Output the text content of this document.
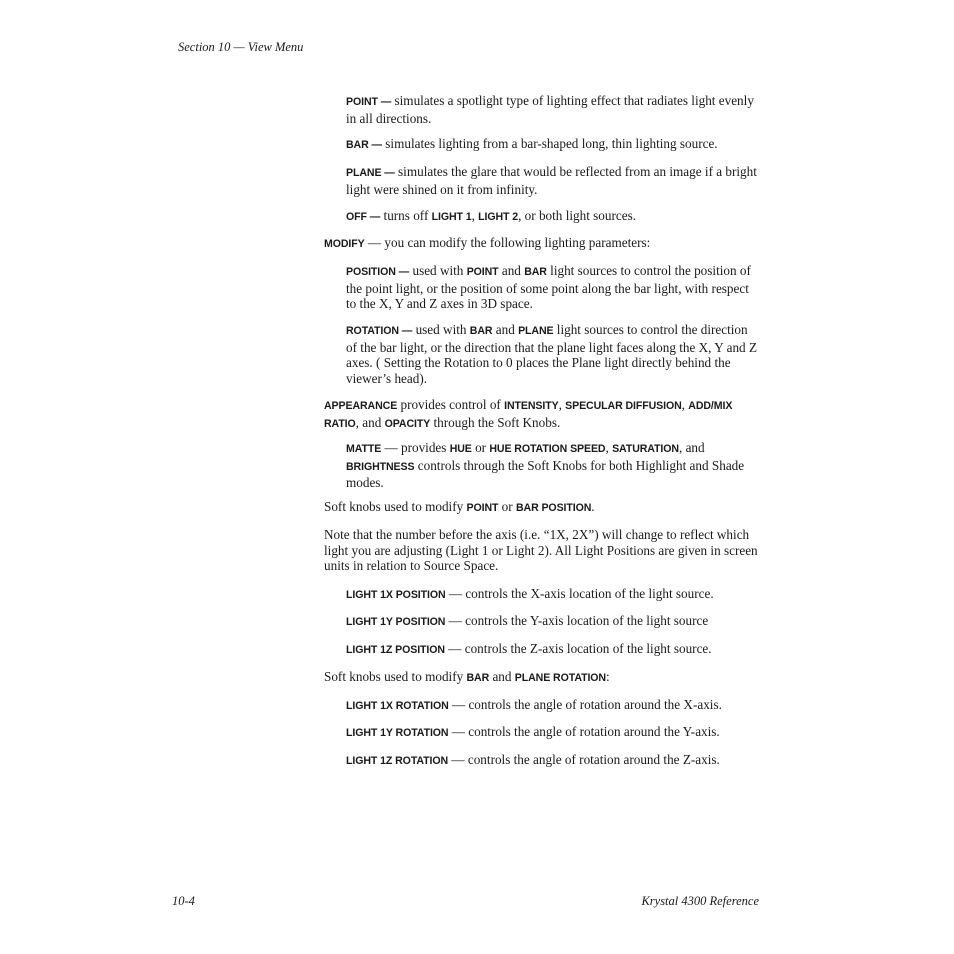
Section 10 — View Menu

POINT — simulates a spotlight type of lighting effect that radiates light evenly in all directions.

BAR — simulates lighting from a bar-shaped long, thin lighting source.

PLANE — simulates the glare that would be reflected from an image if a bright light were shined on it from infinity.

OFF — turns off LIGHT 1, LIGHT 2, or both light sources.

MODIFY — you can modify the following lighting parameters:

POSITION — used with POINT and BAR light sources to control the position of the point light, or the position of some point along the bar light, with respect to the X, Y and Z axes in 3D space.

ROTATION — used with BAR and PLANE light sources to control the direction of the bar light, or the direction that the plane light faces along the X, Y and Z axes. ( Setting the Rotation to 0 places the Plane light directly behind the viewer’s head).

APPEARANCE provides control of INTENSITY, SPECULAR DIFFUSION, ADD/MIX RATIO, and OPACITY through the Soft Knobs.

MATTE — provides HUE or HUE ROTATION SPEED, SATURATION, and BRIGHTNESS controls through the Soft Knobs for both Highlight and Shade modes.

Soft knobs used to modify POINT or BAR POSITION.

Note that the number before the axis (i.e. “1X, 2X”) will change to reflect which light you are adjusting (Light 1 or Light 2). All Light Positions are given in screen units in relation to Source Space.

LIGHT 1X POSITION — controls the X-axis location of the light source.

LIGHT 1Y POSITION — controls the Y-axis location of the light source

LIGHT 1Z POSITION — controls the Z-axis location of the light source.

Soft knobs used to modify BAR and PLANE ROTATION:

LIGHT 1X ROTATION — controls the angle of rotation around the X-axis.

LIGHT 1Y ROTATION — controls the angle of rotation around the Y-axis.

LIGHT 1Z ROTATION — controls the angle of rotation around the Z-axis.

10-4	Krystal 4300 Reference
